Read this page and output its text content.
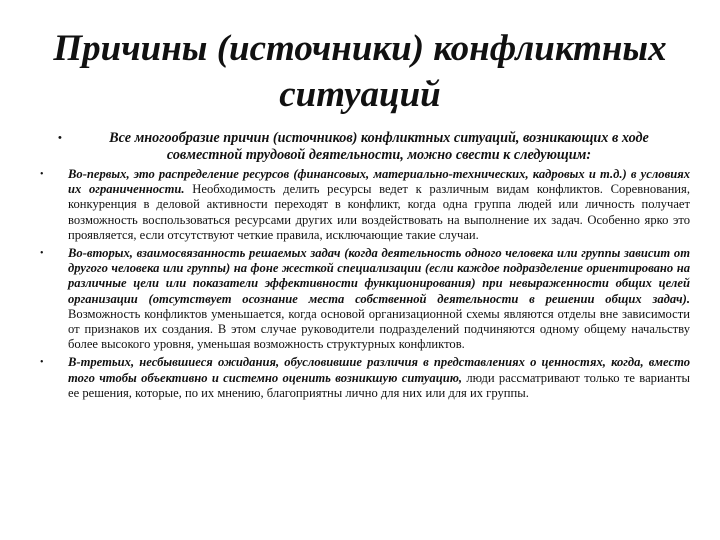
Причины (источники) конфликтных ситуаций
•	Все многообразие причин (источников) конфликтных ситуаций, возникающих в ходе совместной трудовой деятельности, можно свести к следующим:
• Во-первых, это распределение ресурсов (финансовых, материально-технических, кадровых и т.д.) в условиях их ограниченности. Необходимость делить ресурсы ведет к различным видам конфликтов. Соревнования, конкуренция в деловой активности переходят в конфликт, когда одна группа людей или личность получает возможность воспользоваться ресурсами других или воздействовать на выполнение их задач. Особенно ярко это проявляется, если отсутствуют четкие правила, исключающие такие случаи.
• Во-вторых, взаимосвязанность решаемых задач (когда деятельность одного человека или группы зависит от другого человека или группы) на фоне жесткой специализации (если каждое подразделение ориентировано на различные цели или показатели эффективности функционирования) при невыраженности общих целей организации (отсутствует осознание места собственной деятельности в решении общих задач). Возможность конфликтов уменьшается, когда основой организационной схемы являются отделы вне зависимости от признаков их создания. В этом случае руководители подразделений подчиняются одному общему начальству более высокого уровня, уменьшая возможность структурных конфликтов.
• В-третьих, несбывшиеся ожидания, обусловившие различия в представлениях о ценностях, когда, вместо того чтобы объективно и системно оценить возникшую ситуацию, люди рассматривают только те варианты ее решения, которые, по их мнению, благоприятны лично для них или для их группы.
